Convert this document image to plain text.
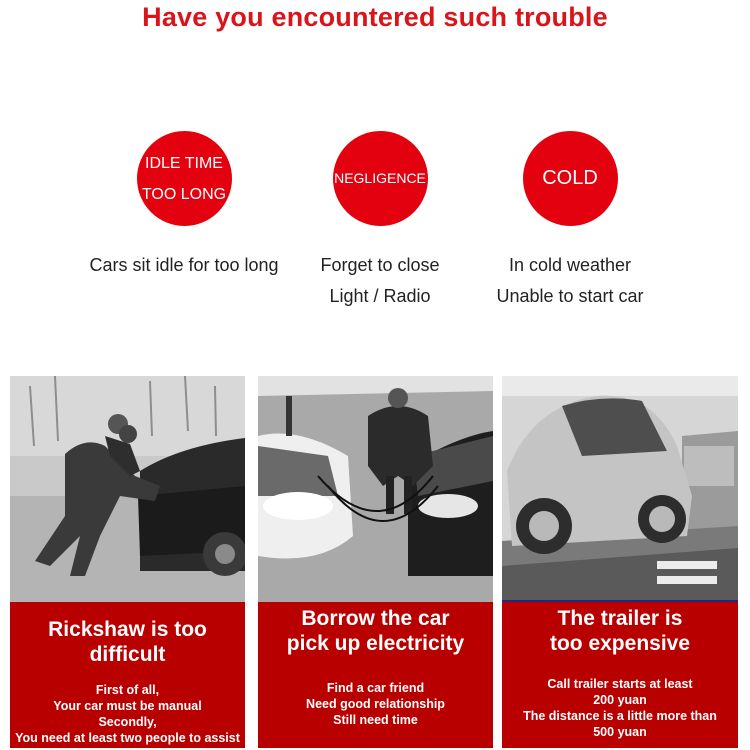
Have you encountered such trouble
IDLE TIME
TOO LONG
Cars sit idle for too long
NEGLIGENCE
Forget to close
Light / Radio
COLD
In cold weather
Unable to start car
Rickshaw is too difficult
First of all,
Your car must be manual
Secondly,
You need at least two people to assist
Borrow the car
pick up electricity
Find a car friend
Need good relationship
Still need time
The trailer is
too expensive
Call trailer starts at least
200 yuan
The distance is a little more than
500 yuan
